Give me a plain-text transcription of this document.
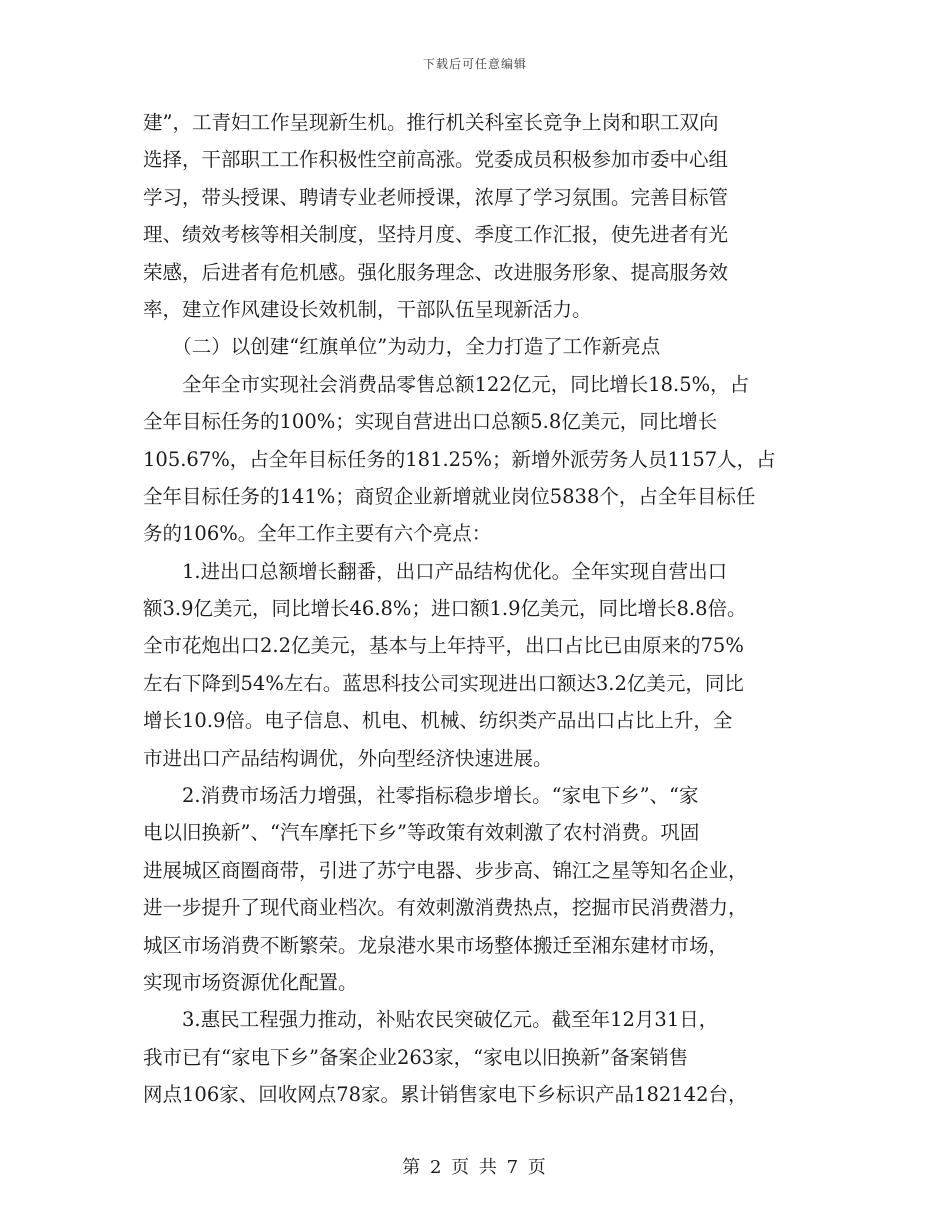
下载后可任意编辑
建”，工青妇工作呈现新生机。推行机关科室长竞争上岗和职工双向
选择，干部职工工作积极性空前高涨。党委成员积极参加市委中心组
学习，带头授课、聘请专业老师授课，浓厚了学习氛围。完善目标管
理、绩效考核等相关制度，坚持月度、季度工作汇报，使先进者有光
荣感，后进者有危机感。强化服务理念、改进服务形象、提高服务效
率，建立作风建设长效机制，干部队伍呈现新活力。
　　（二）以创建“红旗单位”为动力，全力打造了工作新亮点
　　全年全市实现社会消费品零售总额122亿元，同比增长18.5%，占
全年目标任务的100%；实现自营进出口总额5.8亿美元，同比增长
105.67%，占全年目标任务的181.25%；新增外派劳务人员1157人，占
全年目标任务的141%；商贸企业新增就业岗位5838个，占全年目标任
务的106%。全年工作主要有六个亮点：
　　1.进出口总额增长翻番，出口产品结构优化。全年实现自营出口
额3.9亿美元，同比增长46.8%；进口额1.9亿美元，同比增长8.8倍。
全市花炮出口2.2亿美元，基本与上年持平，出口占比已由原来的75%
左右下降到54%左右。蓝思科技公司实现进出口额达3.2亿美元，同比
增长10.9倍。电子信息、机电、机械、纺织类产品出口占比上升，全
市进出口产品结构调优，外向型经济快速进展。
　　2.消费市场活力增强，社零指标稳步增长。“家电下乡”、“家
电以旧换新”、“汽车摩托下乡”等政策有效刺激了农村消费。巩固
进展城区商圈商带，引进了苏宁电器、步步高、锦江之星等知名企业，
进一步提升了现代商业档次。有效刺激消费热点，挖掘市民消费潜力，
城区市场消费不断繁荣。龙泉港水果市场整体搬迁至湘东建材市场，
实现市场资源优化配置。
　　3.惠民工程强力推动，补贴农民突破亿元。截至年12月31日，
我市已有“家电下乡”备案企业263家，“家电以旧换新”备案销售
网点106家、回收网点78家。累计销售家电下乡标识产品182142台，
第 2 页 共 7 页
